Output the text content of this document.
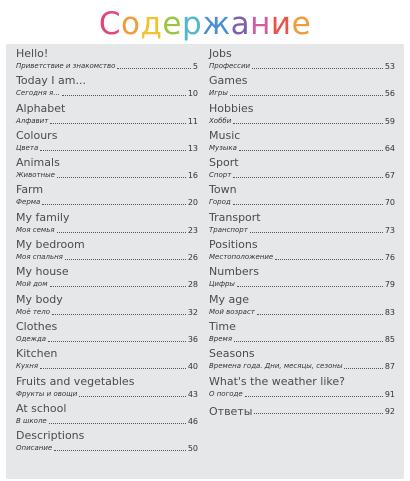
Содержание
Hello!
Приветствие и знакомство	5
Today I am...
Сегодня я...	10
Alphabet
Алфавит	11
Colours
Цвета	13
Animals
Животные	16
Farm
Ферма	20
My family
Моя семья	23
My bedroom
Моя спальня	26
My house
Мой дом	28
My body
Моё тело	32
Clothes
Одежда	36
Kitchen
Кухня	40
Fruits and vegetables
Фрукты и овощи	43
At school
В школе	46
Descriptions
Описание	50
Jobs
Профессии	53
Games
Игры	56
Hobbies
Хобби	59
Music
Музыка	64
Sport
Спорт	67
Town
Город	70
Transport
Транспорт	73
Positions
Местоположение	76
Numbers
Цифры	79
My age
Мой возраст	83
Time
Время	85
Seasons
Времена года. Дни, месяцы, сезоны	87
What's the weather like?
О погоде	91
Ответы	92
